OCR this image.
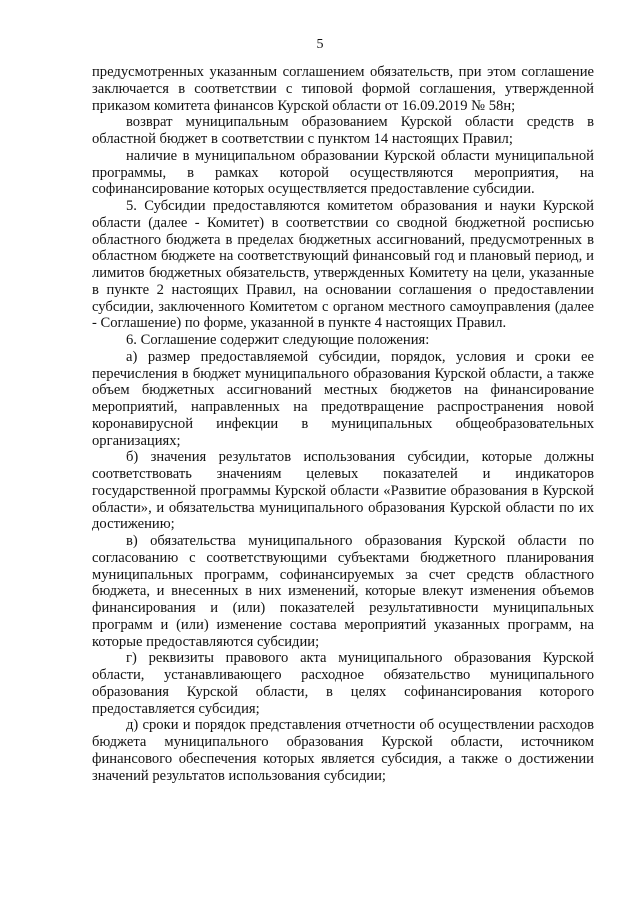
5

предусмотренных указанным соглашением обязательств, при этом соглашение заключается в соответствии с типовой формой соглашения, утвержденной приказом комитета финансов Курской области от 16.09.2019 № 58н;

возврат муниципальным образованием Курской области средств в областной бюджет в соответствии с пунктом 14 настоящих Правил;

наличие в муниципальном образовании Курской области муниципальной программы, в рамках которой осуществляются мероприятия, на софинансирование которых осуществляется предоставление субсидии.

5. Субсидии предоставляются комитетом образования и науки Курской области (далее - Комитет) в соответствии со сводной бюджетной росписью областного бюджета в пределах бюджетных ассигнований, предусмотренных в областном бюджете на соответствующий финансовый год и плановый период, и лимитов бюджетных обязательств, утвержденных Комитету на цели, указанные в пункте 2 настоящих Правил, на основании соглашения о предоставлении субсидии, заключенного Комитетом с органом местного самоуправления (далее - Соглашение) по форме, указанной в пункте 4 настоящих Правил.

6. Соглашение содержит следующие положения:

а) размер предоставляемой субсидии, порядок, условия и сроки ее перечисления в бюджет муниципального образования Курской области, а также объем бюджетных ассигнований местных бюджетов на финансирование мероприятий, направленных на предотвращение распространения новой коронавирусной инфекции в муниципальных общеобразовательных организациях;

б) значения результатов использования субсидии, которые должны соответствовать значениям целевых показателей и индикаторов государственной программы Курской области «Развитие образования в Курской области», и обязательства муниципального образования Курской области по их достижению;

в) обязательства муниципального образования Курской области по согласованию с соответствующими субъектами бюджетного планирования муниципальных программ, софинансируемых за счет средств областного бюджета, и внесенных в них изменений, которые влекут изменения объемов финансирования и (или) показателей результативности муниципальных программ и (или) изменение состава мероприятий указанных программ, на которые предоставляются субсидии;

г) реквизиты правового акта муниципального образования Курской области, устанавливающего расходное обязательство муниципального образования Курской области, в целях софинансирования которого предоставляется субсидия;

д) сроки и порядок представления отчетности об осуществлении расходов бюджета муниципального образования Курской области, источником финансового обеспечения которых является субсидия, а также о достижении значений результатов использования субсидии;
